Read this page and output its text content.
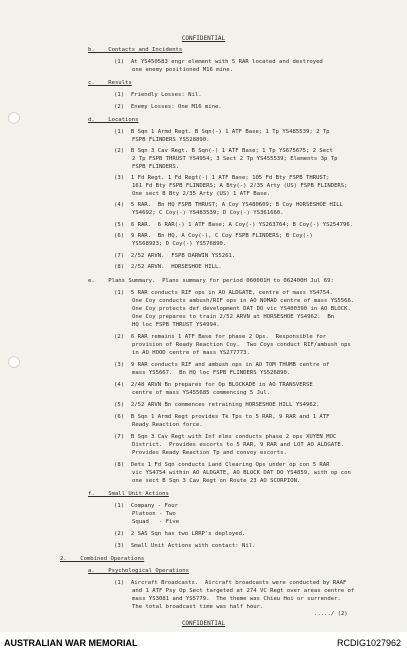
CONFIDENTIAL
b.    Contacts and Incidents
(1)  At YS450583 engr element with 5 RAR located and destroyed
one enemy positioned M16 mine.
c.    Results
(1)  Friendly Losses: Nil.
(2)  Enemy Losses: One M16 mine.
d.    Locations
(1)  B Sqn 1 Armd Regt. B Sqn(-) 1 ATF Base; 1 Tp YS485539; 2 Tp
FSPB FLINDERS YS528890.
(2)  B Sqn 3 Cav Regt. B Sqn(-) 1 ATF Base; 1 Tp YS675675; 2 Sect
2 Tp FSPB THRUST YS4954; 3 Sect 2 Tp YS455539; Elements 3p Tp
FSPB FLINDERS.
(3)  1 Fd Regt. 1 Fd Regt(-) 1 ATF Base; 105 Fd Bty FSPB THRUST;
161 Fd Bty FSPB FLINDERS; A Bty(-) 2/35 Arty (US) FSPB FLINDERS;
One sect B Bty 2/35 Arty (US) 1 ATF Base.
(4)  5 RAR.  Bn HQ FSPB THRUST; A Coy YS480609; B Coy HORSESHOE HILL
YS4692; C Coy(-) YS483539; D Coy(-) YS361660.
(5)  6 RAR.  6 RAR(-) 1 ATF Base; A Coy(-) YS263764; B Coy(-) YS254796.
(6)  9 RAR.  Bn HQ, A Coy(-), C Coy FSPB FLINDERS; B Coy(-)
YS568923; D Coy(-) YS576890.
(7)  2/52 ARVN.  FSPB DARWIN YS5261.
(8)  2/52 ARVN.  HORSESHOE HILL.
e.    Plans Summary.  Plans summary for period 060001H to 062400H Jul 69:
(1)  5 RAR conducts RIF ops in AO ALDGATE, centre of mass YS4754.
One Coy conducts ambush/RIF ops in AO NOMAD centre of mass YS5566.
One Coy protects def development DAT DO vic YS400390 in AO BLOCK.
One Coy prepares to train 2/52 ARVN at HORSESHOE YS4962.  Bn
HQ loc FSPB THRUST YS4994.
(2)  6 RAR remains 1 ATF Base for phase 2 Ops.  Responsible for
provision of Ready Reaction Coy.  Two Coys conduct RIF/ambush ops
in AO HOOD centre of mass YS277773.
(3)  9 RAR conducts RIF and ambush ops in AO TOM THUMB centre of
mass YS5667.  Bn HQ loc FSPB FLINDERS YS526890.
(4)  2/48 ARVN Bn prepares for Op BLOCKADE in AO TRANSVERSE
centre of mass YS455685 commencing 5 Jul.
(5)  2/52 ARVN Bn commences retraining HORSESHOE HILL YS4962.
(6)  B Sqn 1 Armd Regt provides Tk Tps to 5 RAR, 9 RAR and 1 ATF
Ready Reaction force.
(7)  B Sqn 3 Cav Regt with Inf elms conducts phase 2 ops XUYEN MOC
District.  Provides escorts to 5 RAR, 9 RAR and LOT AO ALDGATE.
Provides Ready Reaction Tp and convoy escorts.
(8)  Dets 1 Fd Sqn conducts Land Clearing Ops under op con 5 RAR
vic YS4754 within AO ALDGATE, AO BLOCK DAT DO YS4859, with op con
one sect B Sqn 3 Cav Regt on Route 23 AO SCORPION.
f.    Small Unit Actions
(1)  Company - Four
Platoon - Two
Squad   - Five
(2)  2 SAS Sqn has two LRRP's deployed.
(3)  Small Unit Actions with contact: Nil.
2.    Combined Operations
a.    Psychological Operations
(1)  Aircraft Broadcasts.  Aircraft broadcasts were conducted by RAAF
and 1 ATF Psy Op Sect targeted at 274 VC Regt over areas centre of
mass YS3081 and YS5779.  The theme was Chieu Hoi or surrender.
The total broadcast time was half hour.
...../ (2)
CONFIDENTIAL
AUSTRALIAN WAR MEMORIAL	RCDIG1027962
